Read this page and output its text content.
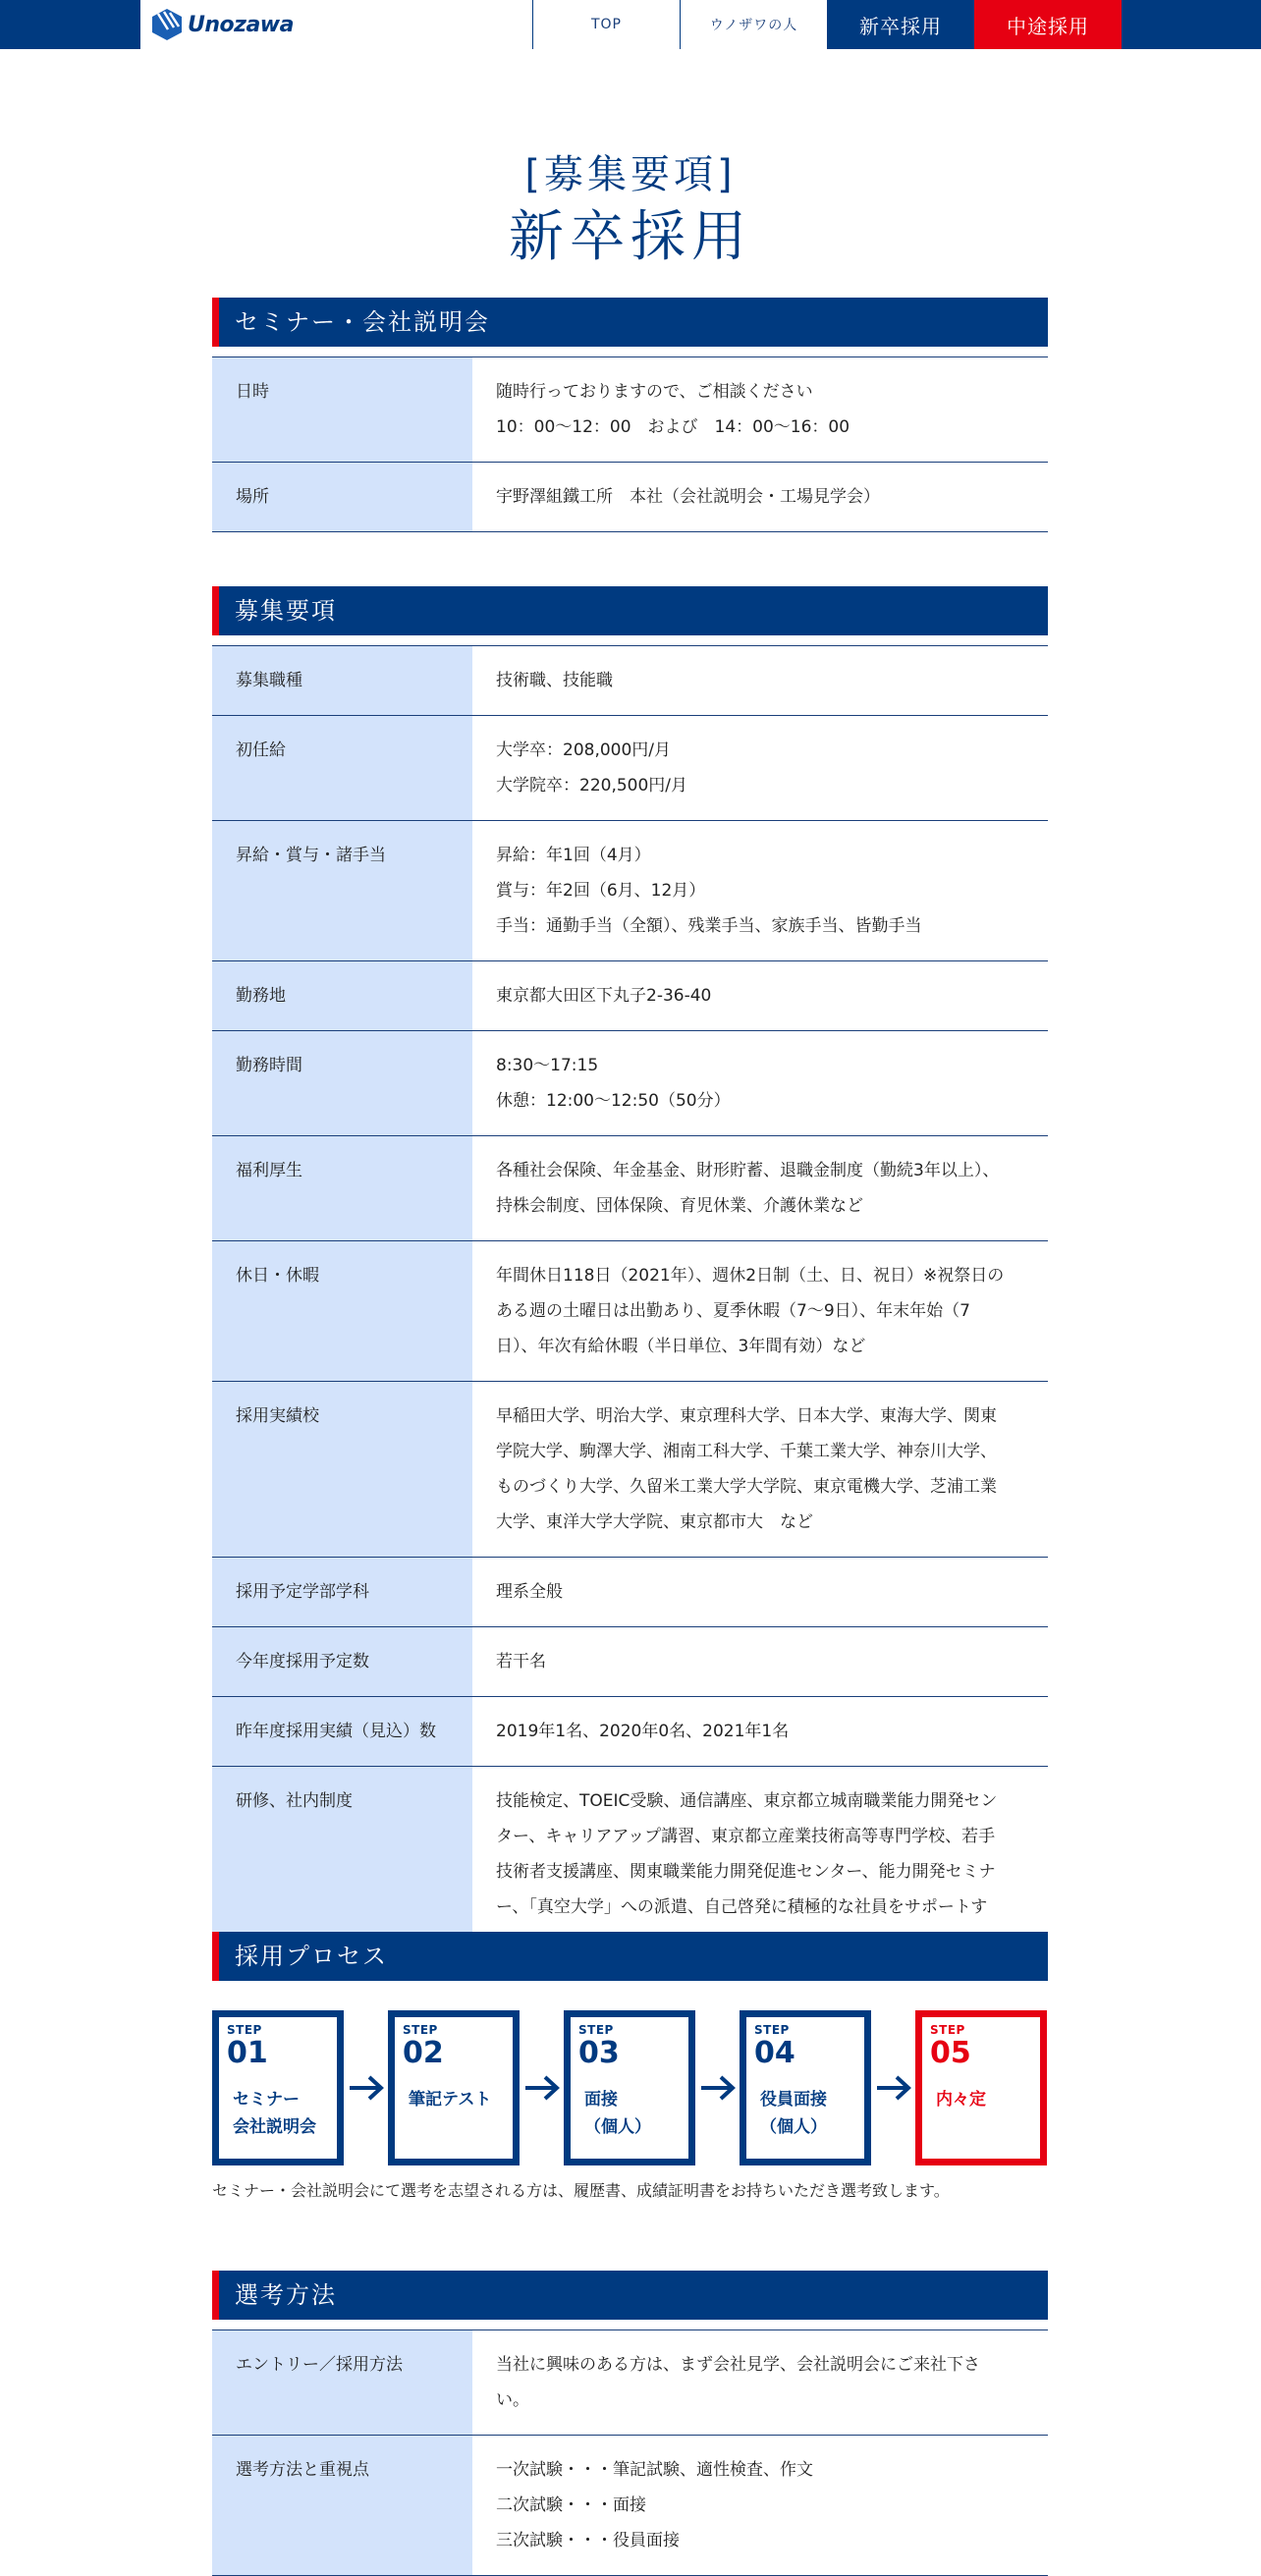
Unozawa	TOP	ウノザワの人	新卒採用	中途採用
[募集要項]
新卒採用
セミナー・会社説明会
日時	随時行っておりますので、ご相談ください
10：00～12：00　および　14：00～16：00
場所	宇野澤組鐵工所　本社（会社説明会・工場見学会）
募集要項
募集職種	技術職、技能職
初任給	大学卒：208,000円/月
大学院卒：220,500円/月
昇給・賞与・諸手当	昇給：年1回（4月）
賞与：年2回（6月、12月）
手当：通勤手当（全額）、残業手当、家族手当、皆勤手当
勤務地	東京都大田区下丸子2-36-40
勤務時間	8:30～17:15
休憩：12:00～12:50（50分）
福利厚生	各種社会保険、年金基金、財形貯蓄、退職金制度（勤続3年以上）、
持株会制度、団体保険、育児休業、介護休業など
休日・休暇	年間休日118日（2021年）、週休2日制（土、日、祝日）※祝祭日の
ある週の土曜日は出勤あり、夏季休暇（7～9日）、年末年始（7
日）、年次有給休暇（半日単位、3年間有効）など
採用実績校	早稲田大学、明治大学、東京理科大学、日本大学、東海大学、関東
学院大学、駒澤大学、湘南工科大学、千葉工業大学、神奈川大学、
ものづくり大学、久留米工業大学大学院、東京電機大学、芝浦工業
大学、東洋大学大学院、東京都市大　など
採用予定学部学科	理系全般
今年度採用予定数	若干名
昨年度採用実績（見込）数	2019年1名、2020年0名、2021年1名
研修、社内制度	技能検定、TOEIC受験、通信講座、東京都立城南職業能力開発セン
ター、キャリアアップ講習、東京都立産業技術高等専門学校、若手
技術者支援講座、関東職業能力開発促進センター、能力開発セミナ
ー、「真空大学」への派遣、自己啓発に積極的な社員をサポートす
採用プロセス
STEP
01
セミナー
会社説明会
STEP
02
筆記テスト
STEP
03
面接
（個人）
STEP
04
役員面接
（個人）
STEP
05
内々定
セミナー・会社説明会にて選考を志望される方は、履歴書、成績証明書をお持ちいただき選考致します。
選考方法
エントリー／採用方法	当社に興味のある方は、まず会社見学、会社説明会にご来社下さ
い。
選考方法と重視点	一次試験・・・筆記試験、適性検査、作文
二次試験・・・面接
三次試験・・・役員面接
